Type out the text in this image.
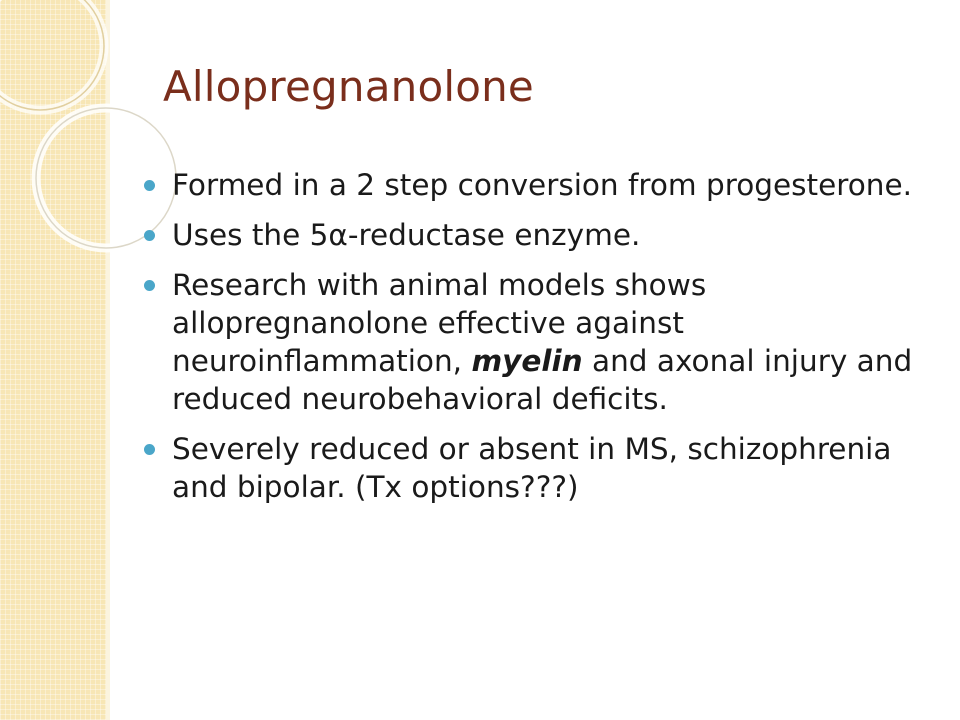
Allopregnanolone
Formed in a 2 step conversion from progesterone.
Uses the 5α-reductase enzyme.
Research with animal models shows allopregnanolone effective against neuroinflammation, myelin and axonal injury and reduced neurobehavioral deficits.
Severely reduced or absent in MS, schizophrenia and bipolar. (Tx options???)
